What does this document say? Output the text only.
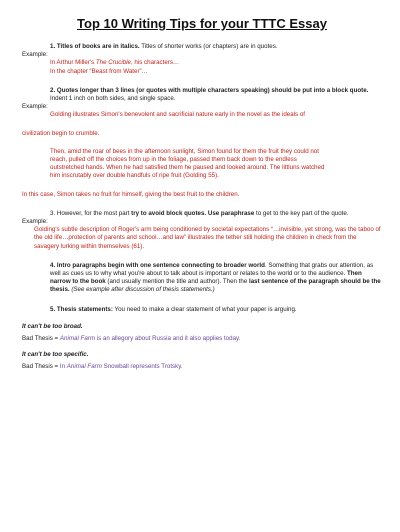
Top 10 Writing Tips for your TTTC Essay
1. Titles of books are in italics. Titles of shorter works (or chapters) are in quotes.
Example:
In Arthur Miller's The Crucible, his characters…
In the chapter “Beast from Water”…
2. Quotes longer than 3 lines (or quotes with multiple characters speaking) should be put into a block quote. Indent 1 inch on both sides, and single space.
Example:
Golding illustrates Simon's benevolent and sacrificial nature early in the novel as the ideals of
civilization begin to crumble.
Then, amid the roar of bees in the afternoon sunlight, Simon found for them the fruit they could not reach, pulled off the choices from up in the foliage, passed them back down to the endless outstretched hands. When he had satisfied them he paused and looked around. The littluns watched him inscrutably over double handfuls of ripe fruit (Golding 55).
In this case, Simon takes no fruit for himself, giving the best fruit to the children.
3. However, for the most part try to avoid block quotes. Use paraphrase to get to the key part of the quote.
Example:
Golding's subtle description of Roger's arm being conditioned by societal expectations “…invisible, yet strong, was the taboo of the old life…protection of parents and school…and law” illustrates the tether still holding the children in check from the savagery lurking within themselves (61).
4. Intro paragraphs begin with one sentence connecting to broader world. Something that grabs our attention, as well as cues us to why what you're about to talk about is important or relates to the world or to the audience. Then narrow to the book (and usually mention the title and author). Then the last sentence of the paragraph should be the thesis. (See example after discussion of thesis statements.)
5. Thesis statements: You need to make a clear statement of what your paper is arguing.
It can't be too broad.
Bad Thesis = Animal Farm is an allegory about Russia and it also applies today.
It can't be too specific.
Bad Thesis = In Animal Farm Snowball represents Trotsky.
